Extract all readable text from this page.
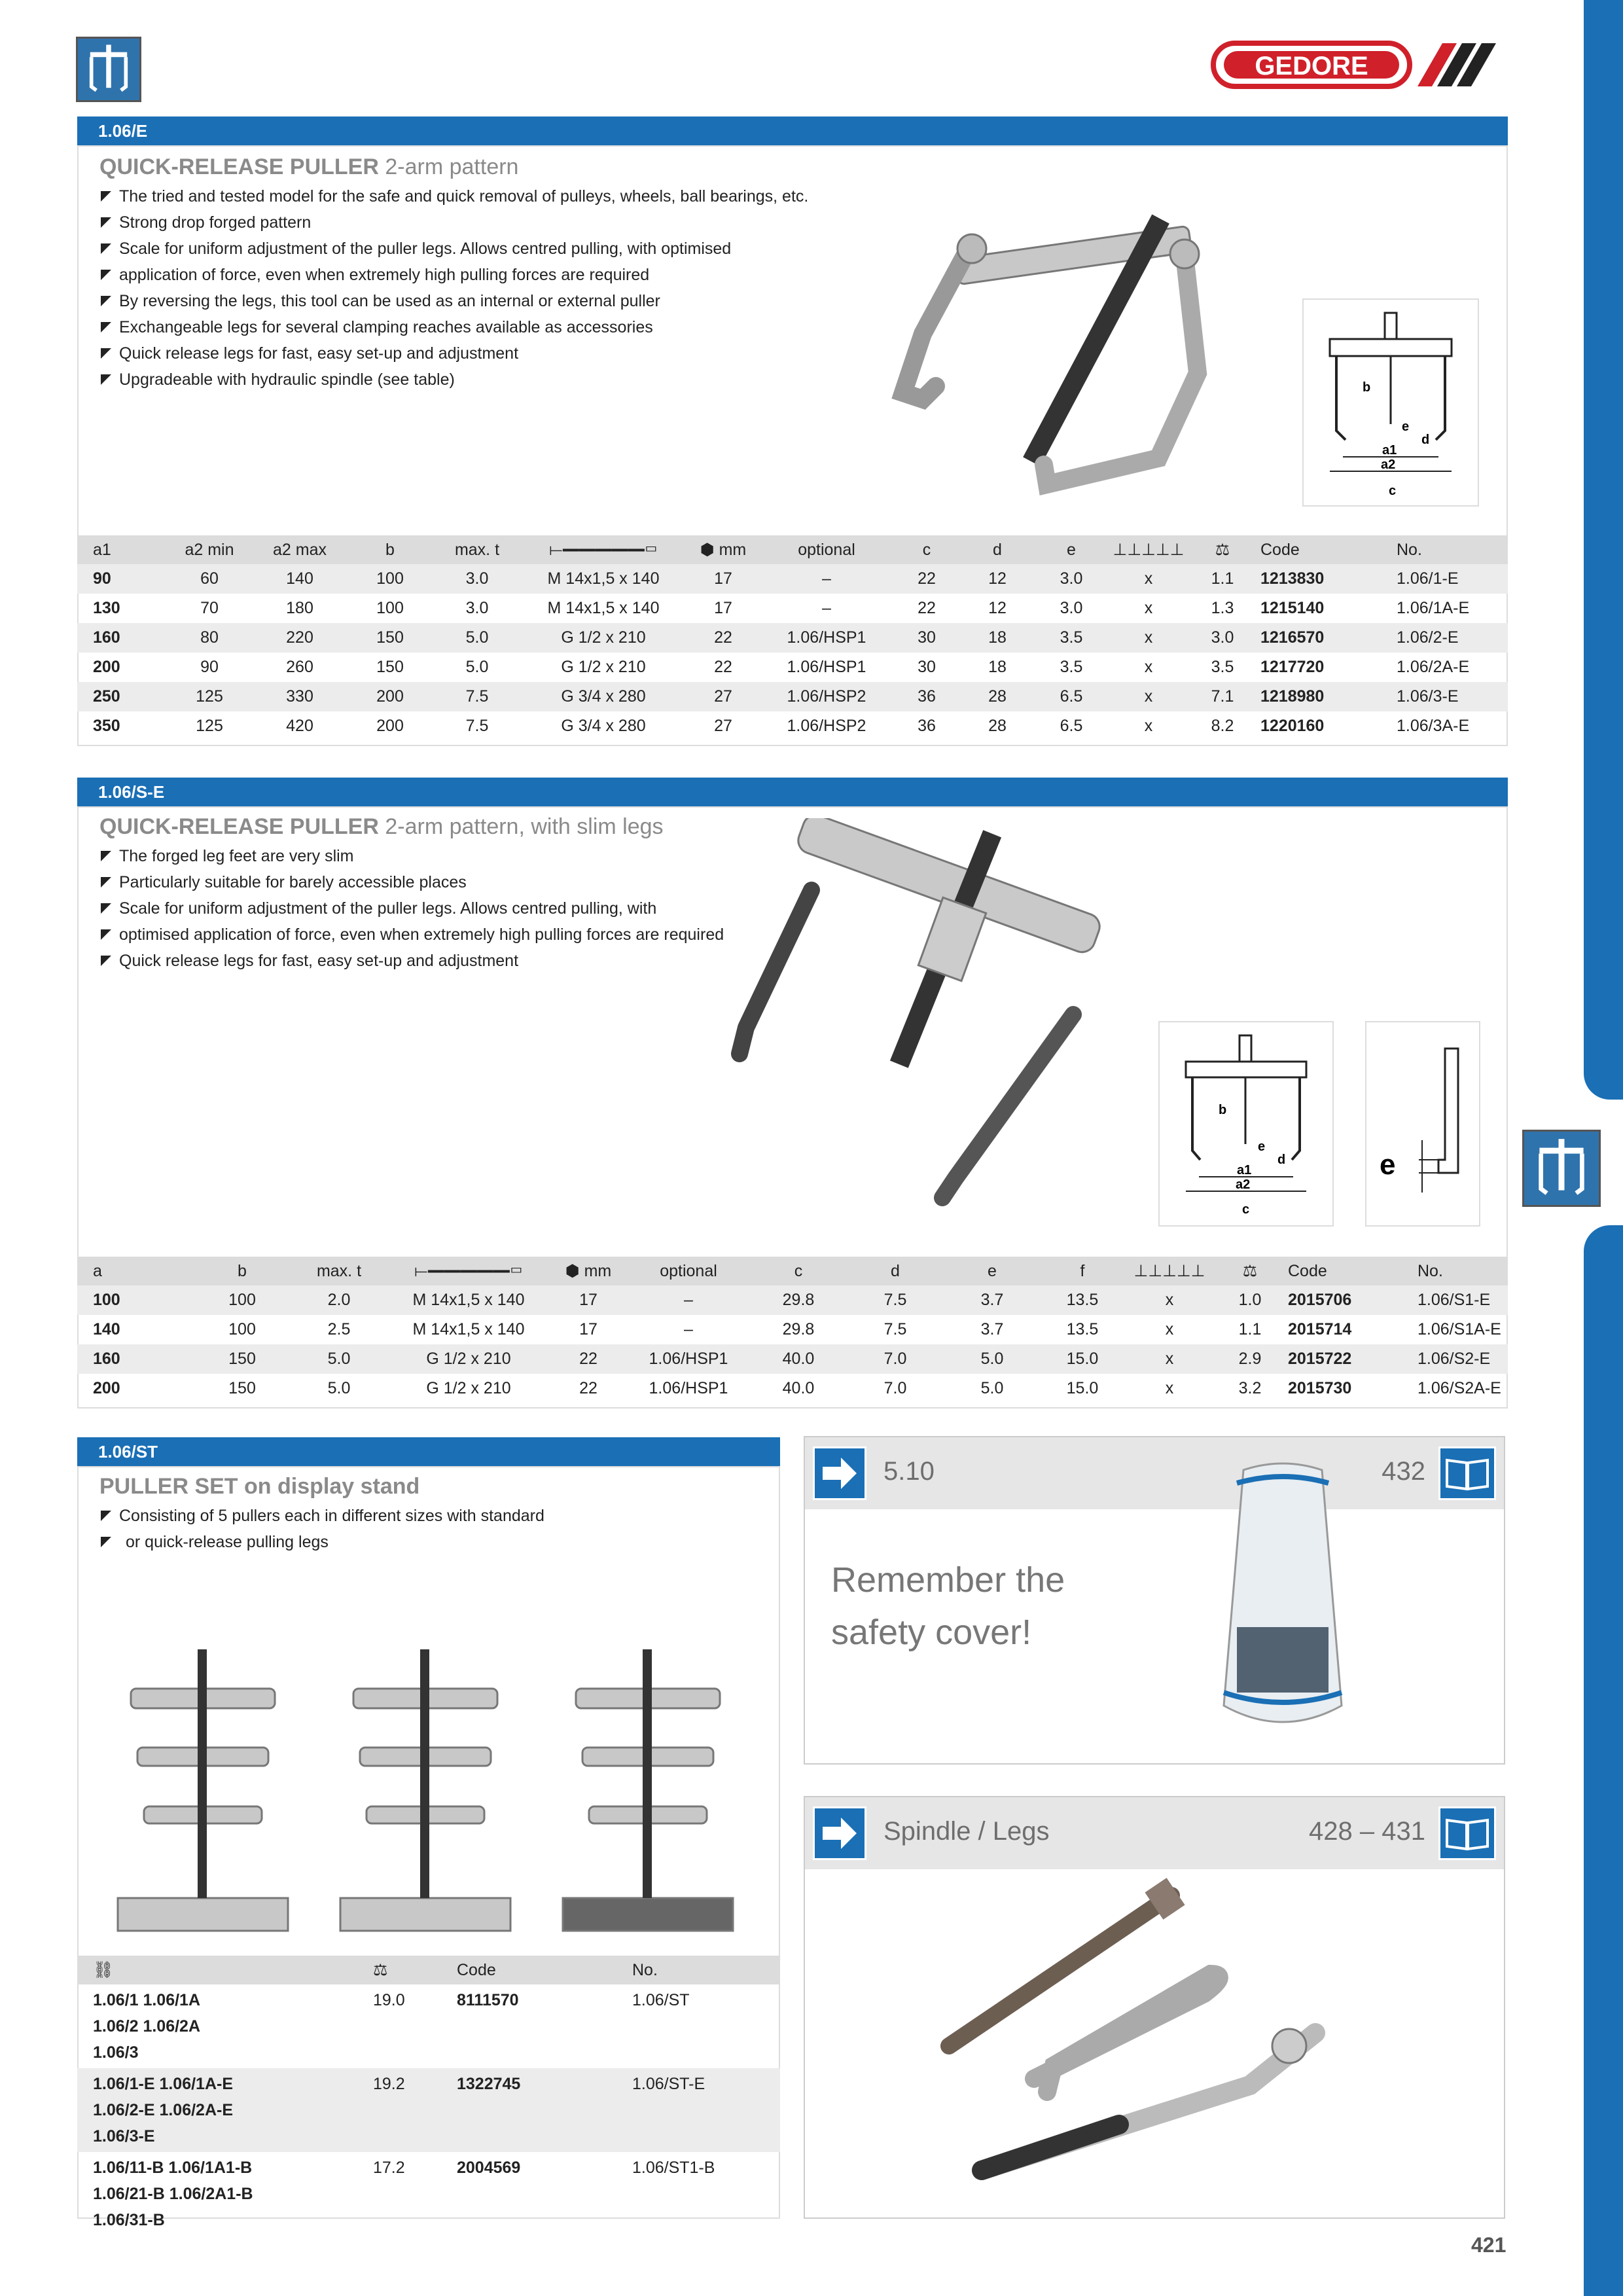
GEDORE
1.06/E
QUICK-RELEASE PULLER 2-arm pattern
The tried and tested model for the safe and quick removal of pulleys, wheels, ball bearings, etc.
Strong drop forged pattern
Scale for uniform adjustment of the puller legs. Allows centred pulling, with optimised
application of force, even when extremely high pulling forces are required
By reversing the legs, this tool can be used as an internal or external puller
Exchangeable legs for several clamping reaches available as accessories
Quick release legs for fast, easy set-up and adjustment
Upgradeable with hydraulic spindle (see table)	b
e
d
a1
a2
c
a1	a2 min	a2 max	b	max. t	⟝━━━━━▭	⬢ mm	optional	c	d	e	⊥⊥⊥⊥⊥	⚖	Code	No.
90	60	140	100	3.0	M 14x1,5 x 140	17	–	22	12	3.0	x	1.1	1213830	1.06/1-E
130	70	180	100	3.0	M 14x1,5 x 140	17	–	22	12	3.0	x	1.3	1215140	1.06/1A-E
160	80	220	150	5.0	G 1/2 x 210	22	1.06/HSP1	30	18	3.5	x	3.0	1216570	1.06/2-E
200	90	260	150	5.0	G 1/2 x 210	22	1.06/HSP1	30	18	3.5	x	3.5	1217720	1.06/2A-E
250	125	330	200	7.5	G 3/4 x 280	27	1.06/HSP2	36	28	6.5	x	7.1	1218980	1.06/3-E
350	125	420	200	7.5	G 3/4 x 280	27	1.06/HSP2	36	28	6.5	x	8.2	1220160	1.06/3A-E
1.06/S-E
QUICK-RELEASE PULLER 2-arm pattern, with slim legs
The forged leg feet are very slim
Particularly suitable for barely accessible places
Scale for uniform adjustment of the puller legs. Allows centred pulling, with
optimised application of force, even when extremely high pulling forces are required
Quick release legs for fast, easy set-up and adjustment
b
e
d
a1
a2
c
e
a	b	max. t	⟝━━━━━▭	⬢ mm	optional	c	d	e	f	⊥⊥⊥⊥⊥	⚖	Code	No.
100	100	2.0	M 14x1,5 x 140	17	–	29.8	7.5	3.7	13.5	x	1.0	2015706	1.06/S1-E
140	100	2.5	M 14x1,5 x 140	17	–	29.8	7.5	3.7	13.5	x	1.1	2015714	1.06/S1A-E
160	150	5.0	G 1/2 x 210	22	1.06/HSP1	40.0	7.0	5.0	15.0	x	2.9	2015722	1.06/S2-E
200	150	5.0	G 1/2 x 210	22	1.06/HSP1	40.0	7.0	5.0	15.0	x	3.2	2015730	1.06/S2A-E
1.06/ST
PULLER SET on display stand
Consisting of 5 pullers each in different sizes with standard
or quick-release pulling legs
⛓	⚖	Code	No.

1.06/1 1.06/1A
1.06/2 1.06/2A
1.06/3	19.0	8111570	1.06/ST

1.06/1-E 1.06/1A-E
1.06/2-E 1.06/2A-E
1.06/3-E	19.2	1322745	1.06/ST-E

1.06/11-B 1.06/1A1-B
1.06/21-B 1.06/2A1-B
1.06/31-B	17.2	2004569	1.06/ST1-B
5.10	432
Remember the
safety cover!
Spindle / Legs	428 – 431
421
